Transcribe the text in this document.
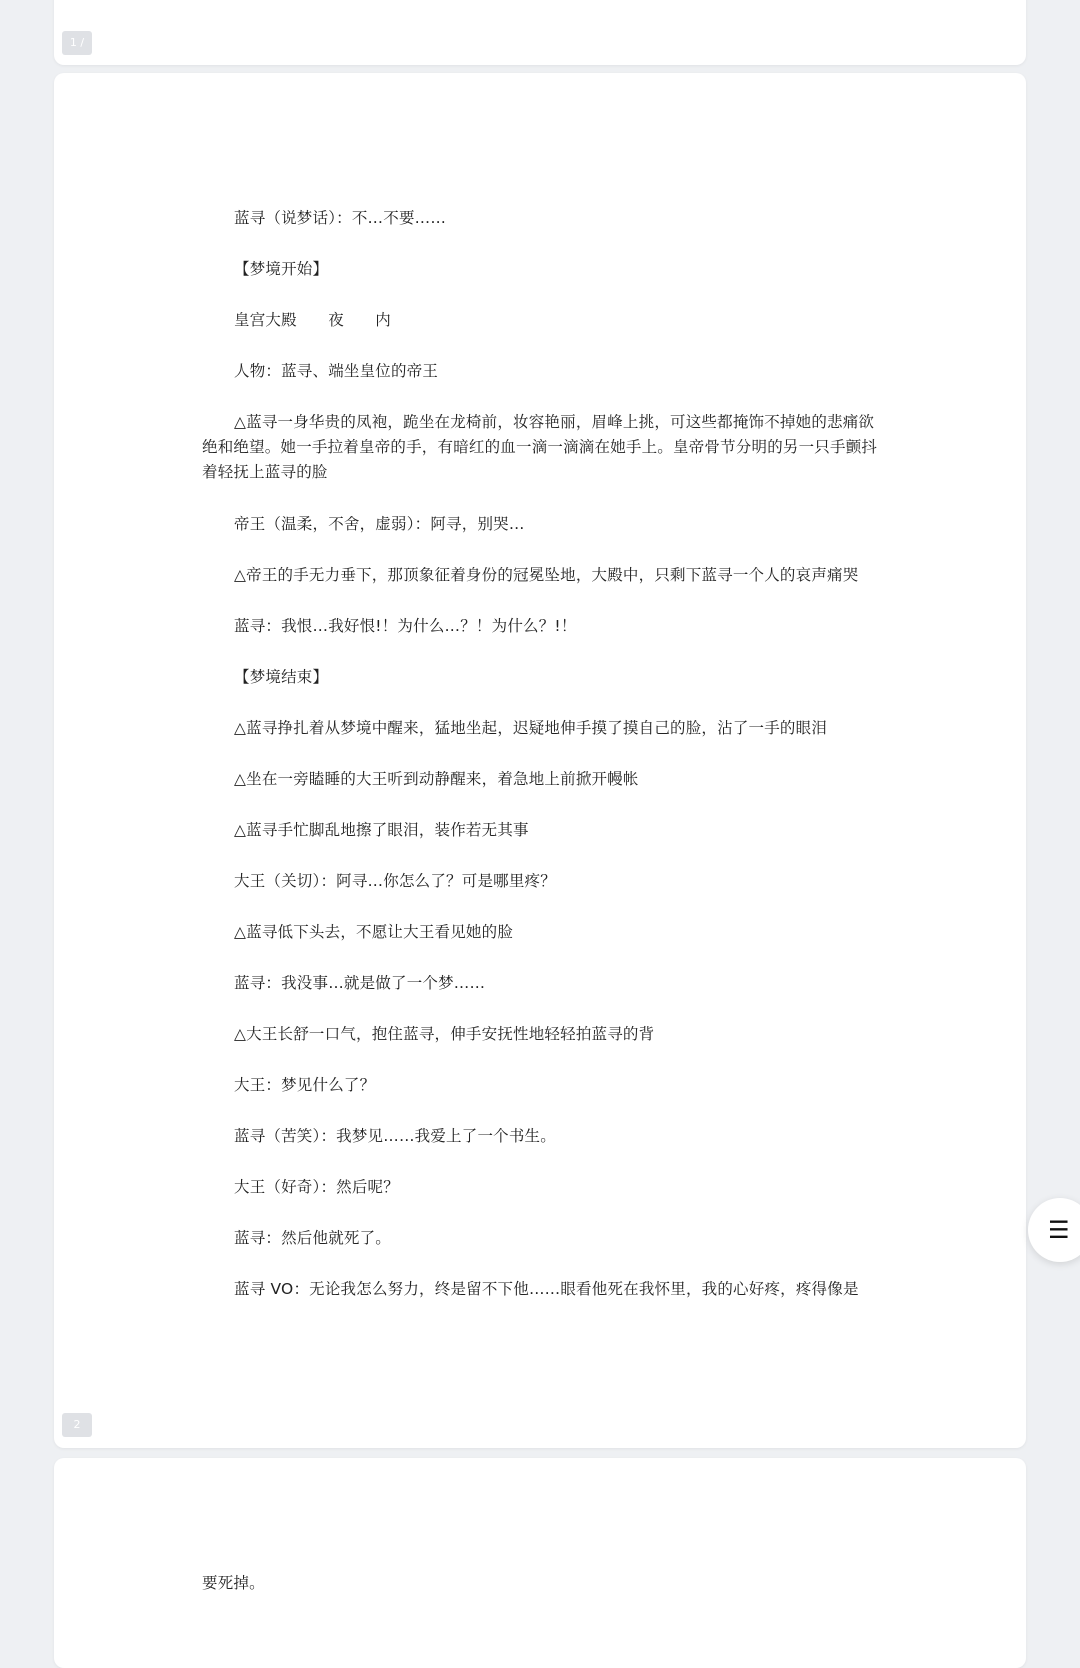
1 /
蓝寻（说梦话）：不…不要……
【梦境开始】
皇宫大殿　　夜　　内
人物：蓝寻、端坐皇位的帝王
△蓝寻一身华贵的凤袍，跪坐在龙椅前，妆容艳丽，眉峰上挑，可这些都掩饰不掉她的悲痛欲绝和绝望。她一手拉着皇帝的手，有暗红的血一滴一滴滴在她手上。皇帝骨节分明的另一只手颤抖着轻抚上蓝寻的脸
帝王（温柔，不舍，虚弱）：阿寻，别哭…
△帝王的手无力垂下，那顶象征着身份的冠冕坠地，大殿中，只剩下蓝寻一个人的哀声痛哭
蓝寻：我恨…我好恨!！为什么…？！为什么？!！
【梦境结束】
△蓝寻挣扎着从梦境中醒来，猛地坐起，迟疑地伸手摸了摸自己的脸，沾了一手的眼泪
△坐在一旁瞌睡的大王听到动静醒来，着急地上前掀开幔帐
△蓝寻手忙脚乱地擦了眼泪，装作若无其事
大王（关切）：阿寻…你怎么了？可是哪里疼？
△蓝寻低下头去，不愿让大王看见她的脸
蓝寻：我没事…就是做了一个梦……
△大王长舒一口气，抱住蓝寻，伸手安抚性地轻轻拍蓝寻的背
大王：梦见什么了？
蓝寻（苦笑）：我梦见……我爱上了一个书生。
大王（好奇）：然后呢？
蓝寻：然后他就死了。
蓝寻 VO：无论我怎么努力，终是留不下他……眼看他死在我怀里，我的心好疼，疼得像是
2
要死掉。
☰
